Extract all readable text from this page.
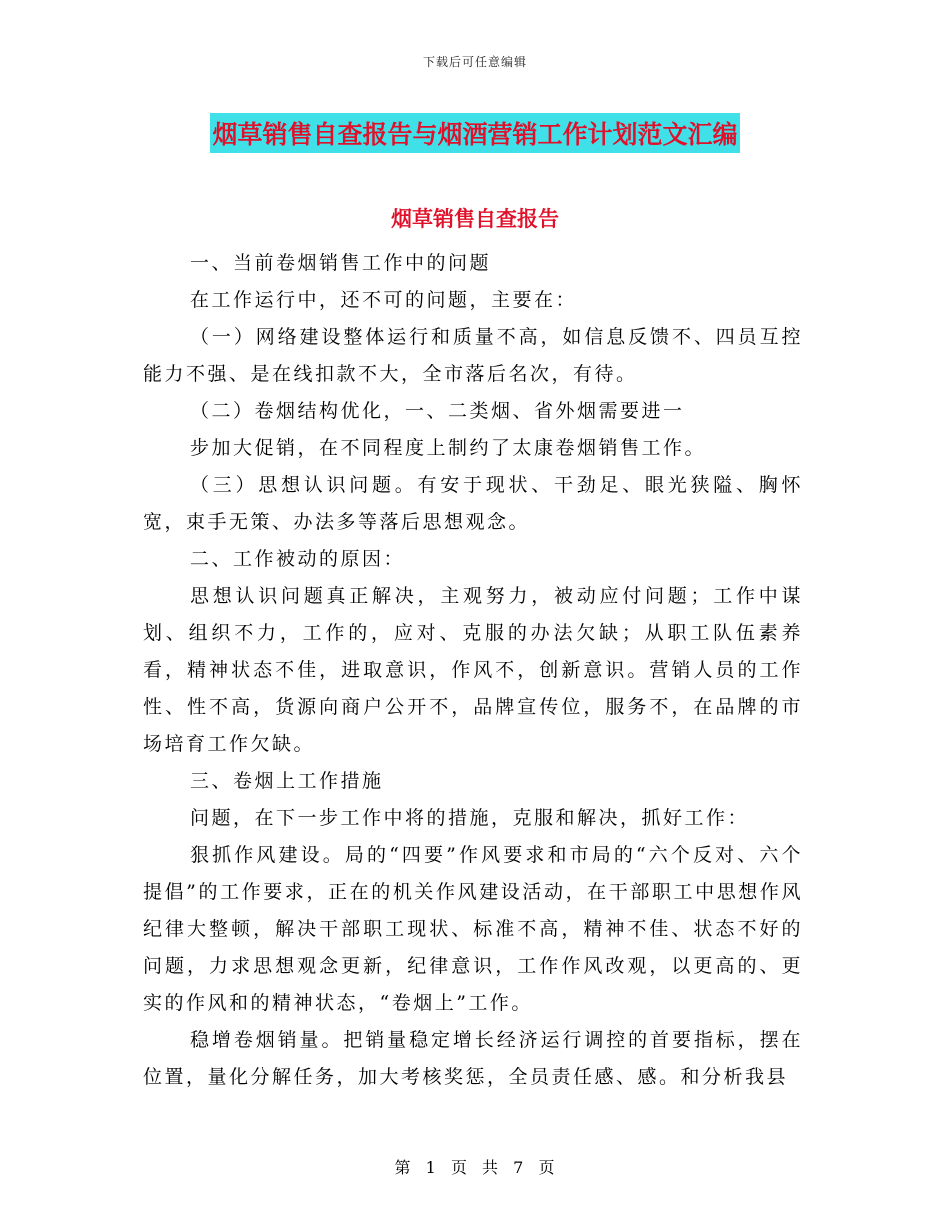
下载后可任意编辑
烟草销售自查报告与烟酒营销工作计划范文汇编
烟草销售自查报告

一、当前卷烟销售工作中的问题

在工作运行中，还不可的问题，主要在：

（一）网络建设整体运行和质量不高，如信息反馈不、四员互控能力不强、是在线扣款不大，全市落后名次，有待。

（二）卷烟结构优化，一、二类烟、省外烟需要进一

步加大促销，在不同程度上制约了太康卷烟销售工作。

（三）思想认识问题。有安于现状、干劲足、眼光狭隘、胸怀宽，束手无策、办法多等落后思想观念。

二、工作被动的原因：

思想认识问题真正解决，主观努力，被动应付问题；工作中谋划、组织不力，工作的，应对、克服的办法欠缺；从职工队伍素养看，精神状态不佳，进取意识，作风不，创新意识。营销人员的工作性、性不高，货源向商户公开不，品牌宣传位，服务不，在品牌的市场培育工作欠缺。

三、卷烟上工作措施

问题，在下一步工作中将的措施，克服和解决，抓好工作：

狠抓作风建设。局的“四要”作风要求和市局的“六个反对、六个提倡”的工作要求，正在的机关作风建设活动，在干部职工中思想作风纪律大整顿，解决干部职工现状、标准不高，精神不佳、状态不好的问题，力求思想观念更新，纪律意识，工作作风改观，以更高的、更实的作风和的精神状态，“卷烟上”工作。

稳增卷烟销量。把销量稳定增长经济运行调控的首要指标，摆在位置，量化分解任务，加大考核奖惩，全员责任感、感。和分析我县

第 1 页 共 7 页
